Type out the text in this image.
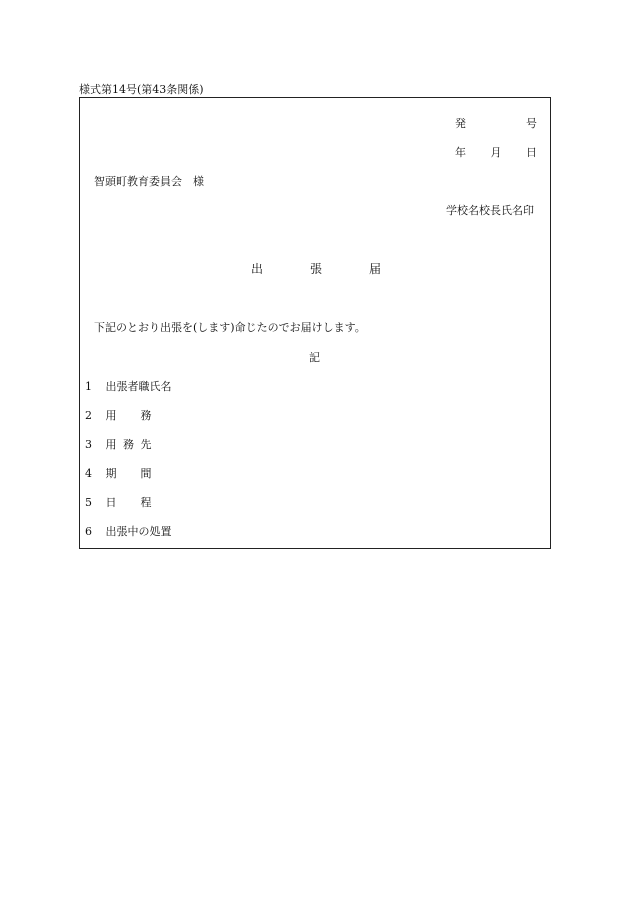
様式第14号(第43条関係)
発	号
年 月 日
智頭町教育委員会　様
学校名校長氏名印
出	張	届
下記のとおり出張を(します)命じたのでお届けします。
記
1 出張者職氏名
2 用 務
3 用 務 先
4 期 間
5 日 程
6 出張中の処置
